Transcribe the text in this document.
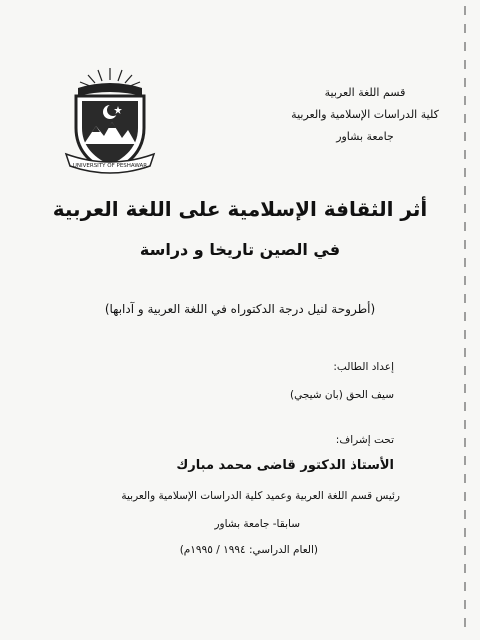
UNIVERSITY OF PESHAWAR
قسم اللغة العربية
كلية الدراسات الإسلامية والعربية
جامعة بشاور
أثر الثقافة الإسلامية على اللغة العربية
في الصين تاريخا و دراسة
(أطروحة لنيل درجة الدكتوراه في اللغة العربية و آدابها)
إعداد الطالب:
سيف الحق (بان شيجي)
تحت إشراف:
الأستاذ الدكتور قاضى محمد مبارك
رئيس قسم اللغة العربية وعميد كلية الدراسات الإسلامية والعربية
سابقا- جامعة بشاور
(العام الدراسي: ١٩٩٤ / ١٩٩٥م)
